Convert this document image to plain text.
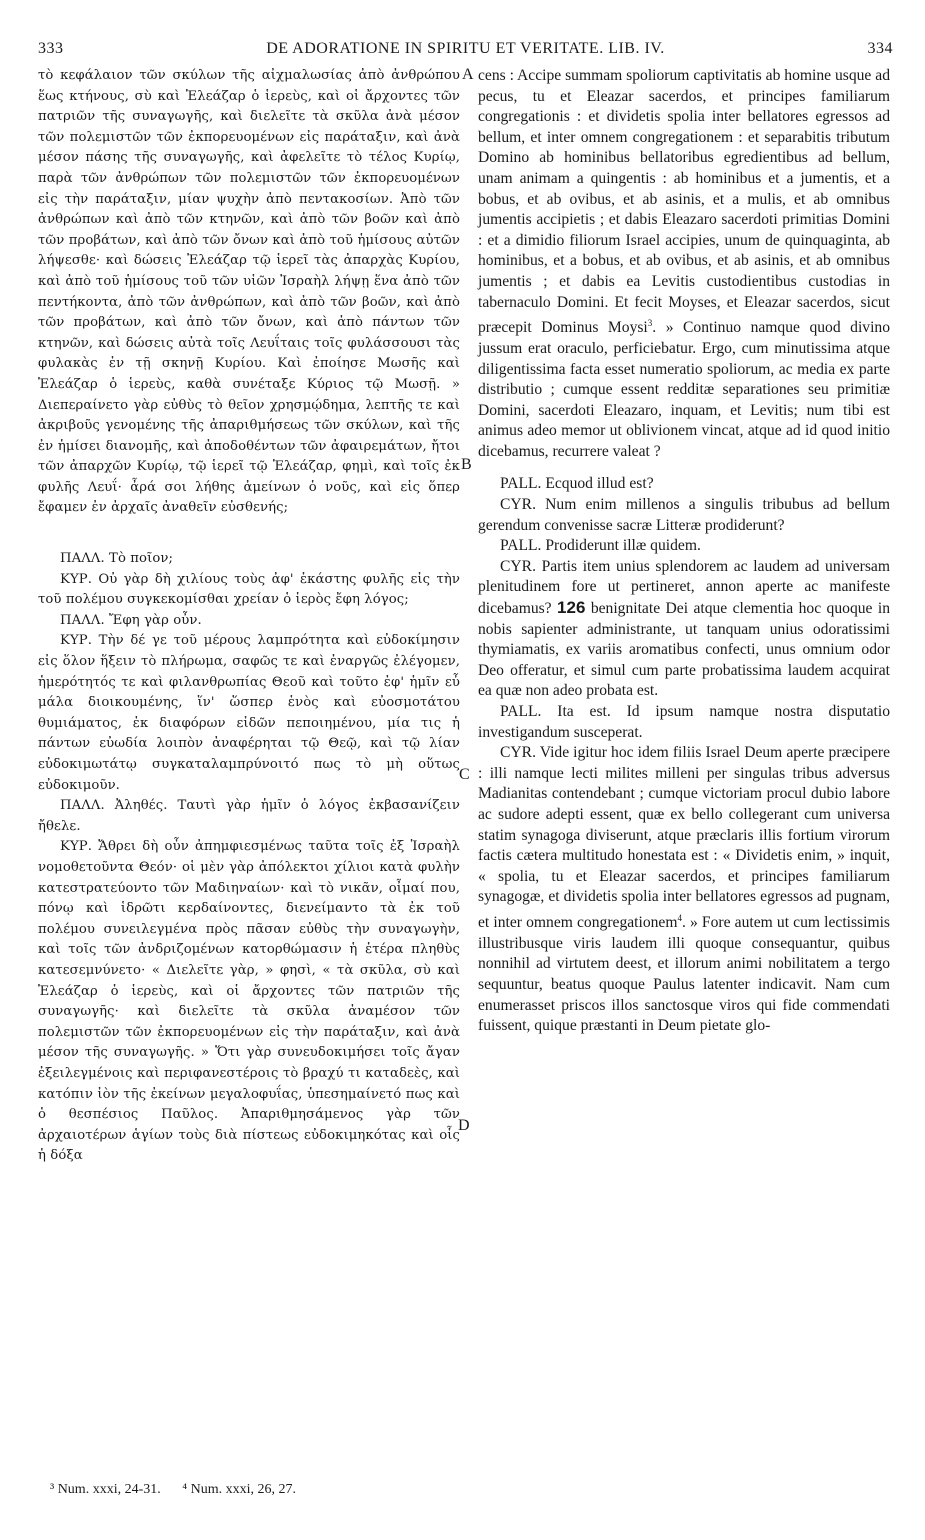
333	DE ADORATIONE IN SPIRITU ET VERITATE. LIB. IV.	334

τὸ κεφάλαιον τῶν σκύλων τῆς αἰχμαλωσίας ἀπὸ ἀνθρώπου ἕως κτήνους, σὺ καὶ Ἐλεάζαρ ὁ ἱερεὺς, καὶ οἱ ἄρχοντες τῶν πατριῶν τῆς συναγωγῆς, καὶ διελεῖτε τὰ σκῦλα ἀνὰ μέσον τῶν πολεμιστῶν τῶν ἐκπορευομένων εἰς παράταξιν, καὶ ἀνὰ μέσον πάσης τῆς συναγωγῆς, καὶ ἀφελεῖτε τὸ τέλος Κυρίῳ, παρὰ τῶν ἀνθρώπων τῶν πολεμιστῶν τῶν ἐκπορευομένων εἰς τὴν παράταξιν, μίαν ψυχὴν ἀπὸ πεντακοσίων. Ἀπὸ τῶν ἀνθρώπων καὶ ἀπὸ τῶν κτηνῶν, καὶ ἀπὸ τῶν βοῶν καὶ ἀπὸ τῶν προβάτων, καὶ ἀπὸ τῶν ὄνων καὶ ἀπὸ τοῦ ἡμίσους αὐτῶν λήψεσθε· καὶ δώσεις Ἐλεάζαρ τῷ ἱερεῖ τὰς ἀπαρχὰς Κυρίου, καὶ ἀπὸ τοῦ ἡμίσους τοῦ τῶν υἱῶν Ἰσραὴλ λήψῃ ἕνα ἀπὸ τῶν πεντήκοντα, ἀπὸ τῶν ἀνθρώπων, καὶ ἀπὸ τῶν βοῶν, καὶ ἀπὸ τῶν προβάτων, καὶ ἀπὸ τῶν ὄνων, καὶ ἀπὸ πάντων τῶν κτηνῶν, καὶ δώσεις αὐτὰ τοῖς Λευΐταις τοῖς φυλάσσουσι τὰς φυλακὰς ἐν τῇ σκηνῇ Κυρίου. Καὶ ἐποίησε Μωσῆς καὶ Ἐλεάζαρ ὁ ἱερεὺς, καθὰ συνέταξε Κύριος τῷ Μωσῇ. » Διεπεραίνετο γὰρ εὐθὺς τὸ θεῖον χρησμῴδημα, λεπτῆς τε καὶ ἀκριβοῦς γενομένης τῆς ἀπαριθμήσεως τῶν σκύλων, καὶ τῆς ἐν ἡμίσει διανομῆς, καὶ ἀποδοθέντων τῶν ἀφαιρεμάτων, ἤτοι τῶν ἀπαρχῶν Κυρίῳ, τῷ ἱερεῖ τῷ Ἐλεάζαρ, φημὶ, καὶ τοῖς ἐκ φυλῆς Λευΐ· ἆρά σοι λήθης ἀμείνων ὁ νοῦς, καὶ εἰς ὅπερ ἔφαμεν ἐν ἀρχαῖς ἀναθεῖν εὐσθενής;

ΠΑΛΛ. Τὸ ποῖον;

ΚΥΡ. Οὐ γὰρ δὴ χιλίους τοὺς ἀφ' ἑκάστης φυλῆς εἰς τὴν τοῦ πολέμου συγκεκομίσθαι χρείαν ὁ ἱερὸς ἔφη λόγος;

ΠΑΛΛ. Ἔφη γὰρ οὖν.

ΚΥΡ. Τὴν δέ γε τοῦ μέρους λαμπρότητα καὶ εὐδοκίμησιν εἰς ὅλον ἥξειν τὸ πλήρωμα, σαφῶς τε καὶ ἐναργῶς ἐλέγομεν, ἡμερότητός τε καὶ φιλανθρωπίας Θεοῦ καὶ τοῦτο ἐφ' ἡμῖν εὖ μάλα διοικουμένης, ἵν' ὥσπερ ἑνὸς καὶ εὐοσμοτάτου θυμιάματος, ἐκ διαφόρων εἰδῶν πεποιημένου, μία τις ἡ πάντων εὐωδία λοιπὸν ἀναφέρηται τῷ Θεῷ, καὶ τῷ λίαν εὐδοκιμωτάτῳ συγκαταλαμπρύνοιτό πως τὸ μὴ οὕτως εὐδοκιμοῦν.

ΠΑΛΛ. Ἀληθές. Ταυτὶ γὰρ ἡμῖν ὁ λόγος ἐκβασανίζειν ἤθελε.

ΚΥΡ. Ἄθρει δὴ οὖν ἀπημφιεσμένως ταῦτα τοῖς ἐξ Ἰσραὴλ νομοθετοῦντα Θεόν· οἱ μὲν γὰρ ἀπόλεκτοι χίλιοι κατὰ φυλὴν κατεστρατεύοντο τῶν Μαδιηναίων· καὶ τὸ νικᾶν, οἶμαί που, πόνῳ καὶ ἱδρῶτι κερδαίνοντες, διενείμαντο τὰ ἐκ τοῦ πολέμου συνειλεγμένα πρὸς πᾶσαν εὐθὺς τὴν συναγωγὴν, καὶ τοῖς τῶν ἀνδριζομένων κατορθώμασιν ἡ ἑτέρα πληθὺς κατεσεμνύνετο· « Διελεῖτε γὰρ, » φησὶ, « τὰ σκῦλα, σὺ καὶ Ἐλεάζαρ ὁ ἱερεὺς, καὶ οἱ ἄρχοντες τῶν πατριῶν τῆς συναγωγῆς· καὶ διελεῖτε τὰ σκῦλα ἀναμέσον τῶν πολεμιστῶν τῶν ἐκπορευομένων εἰς τὴν παράταξιν, καὶ ἀνὰ μέσον τῆς συναγωγῆς. » Ὅτι γὰρ συνευδοκιμήσει τοῖς ἄγαν ἐξειλεγμένοις καὶ περιφανεστέροις τὸ βραχύ τι καταδεὲς, καὶ κατόπιν ἰὸν τῆς ἐκείνων μεγαλοφυΐας, ὑπεσημαίνετό πως καὶ ὁ θεσπέσιος Παῦλος. Ἀπαριθμησάμενος γὰρ τῶν ἀρχαιοτέρων ἁγίων τοὺς διὰ πίστεως εὐδοκιμηκότας καὶ οἷς ἡ δόξα

A
B
C
D

cens : Accipe summam spoliorum captivitatis ab homine usque ad pecus, tu et Eleazar sacerdos, et principes familiarum congregationis : et dividetis spolia inter bellatores egressos ad bellum, et inter omnem congregationem : et separabitis tributum Domino ab hominibus bellatoribus egredientibus ad bellum, unam animam a quingentis : ab hominibus et a jumentis, et a bobus, et ab ovibus, et ab asinis, et a mulis, et ab omnibus jumentis accipietis ; et dabis Eleazaro sacerdoti primitias Domini : et a dimidio filiorum Israel accipies, unum de quinquaginta, ab hominibus, et a bobus, et ab ovibus, et ab asinis, et ab omnibus jumentis ; et dabis ea Levitis custodientibus custodias in tabernaculo Domini. Et fecit Moyses, et Eleazar sacerdos, sicut præcepit Dominus Moysi$^3$. » Continuo namque quod divino jussum erat oraculo, perficiebatur. Ergo, cum minutissima atque diligentissima facta esset numeratio spoliorum, ac media ex parte distributio ; cumque essent redditæ separationes seu primitiæ Domini, sacerdoti Eleazaro, inquam, et Levitis; num tibi est animus adeo memor ut oblivionem vincat, atque ad id quod initio dicebamus, recurrere valeat ?

PALL. Ecquod illud est?

CYR. Num enim millenos a singulis tribubus ad bellum gerendum convenisse sacræ Litteræ prodiderunt?

PALL. Prodiderunt illæ quidem.

CYR. Partis item unius splendorem ac laudem ad universam plenitudinem fore ut pertineret, annon aperte ac manifeste dicebamus? 126 benignitate Dei atque clementia hoc quoque in nobis sapienter administrante, ut tanquam unius odoratissimi thymiamatis, ex variis aromatibus confecti, unus omnium odor Deo offeratur, et simul cum parte probatissima laudem acquirat ea quæ non adeo probata est.

PALL. Ita est. Id ipsum namque nostra disputatio investigandum susceperat.

CYR. Vide igitur hoc idem filiis Israel Deum aperte præcipere : illi namque lecti milites milleni per singulas tribus adversus Madianitas contendebant ; cumque victoriam procul dubio labore ac sudore adepti essent, quæ ex bello collegerant cum universa statim synagoga diviserunt, atque præclaris illis fortium virorum factis cætera multitudo honestata est : « Dividetis enim, » inquit, « spolia, tu et Eleazar sacerdos, et principes familiarum synagogæ, et dividetis spolia inter bellatores egressos ad pugnam, et inter omnem congregationem$^4$. » Fore autem ut cum lectissimis illustribusque viris laudem illi quoque consequantur, quibus nonnihil ad virtutem deest, et illorum animi nobilitatem a tergo sequuntur, beatus quoque Paulus latenter indicavit. Nam cum enumerasset priscos illos sanctosque viros qui fide commendati fuissent, quique præstanti in Deum pietate glo-

³ Num. xxxi, 24-31. ⁴ Num. xxxi, 26, 27.
